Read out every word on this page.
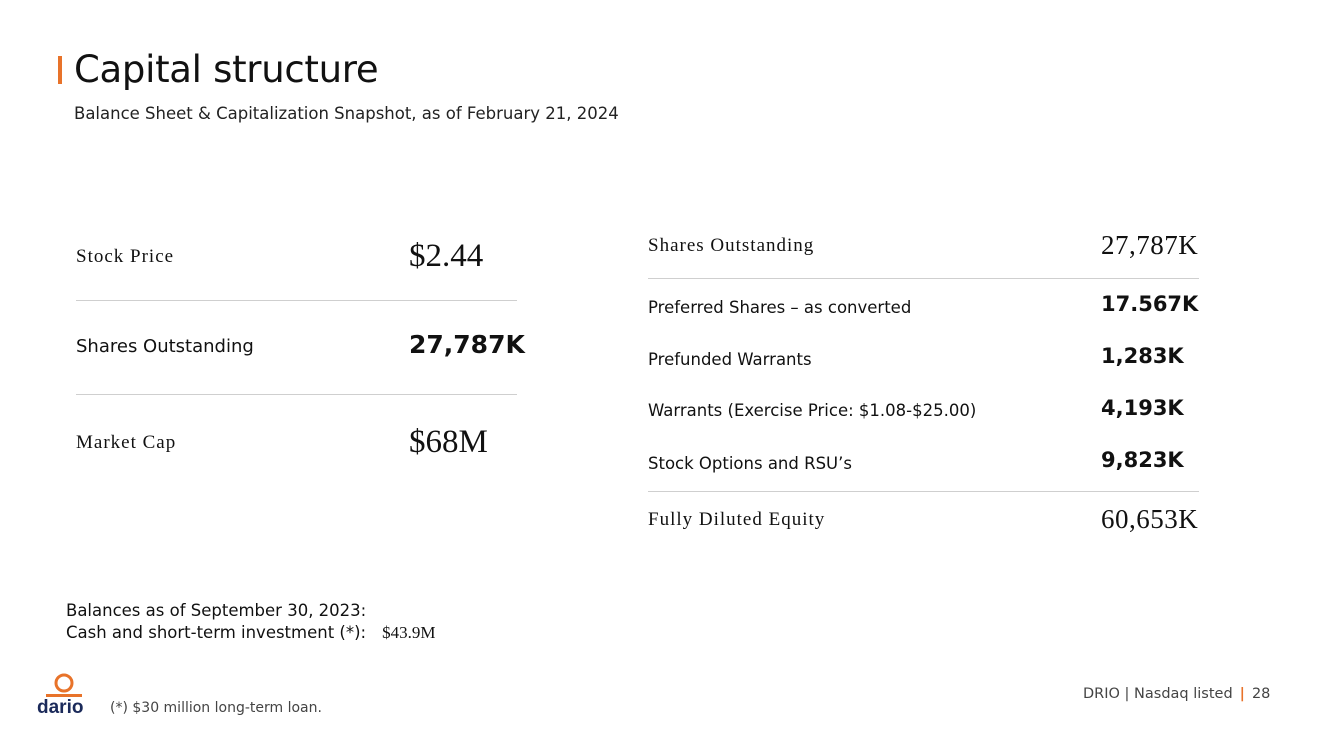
Capital structure
Balance Sheet & Capitalization Snapshot, as of February 21, 2024
Stock Price	$2.44
Shares Outstanding	27,787K
Market Cap	$68M
Shares Outstanding	27,787K
Preferred Shares – as converted	17.567K
Prefunded Warrants	1,283K
Warrants (Exercise Price: $1.08-$25.00)	4,193K
Stock Options and RSU’s	9,823K
Fully Diluted Equity	60,653K
Balances as of September 30, 2023:
Cash and short-term investment (*): $43.9M
dario (*) $30 million long-term loan.
DRIO | Nasdaq listed | 28
